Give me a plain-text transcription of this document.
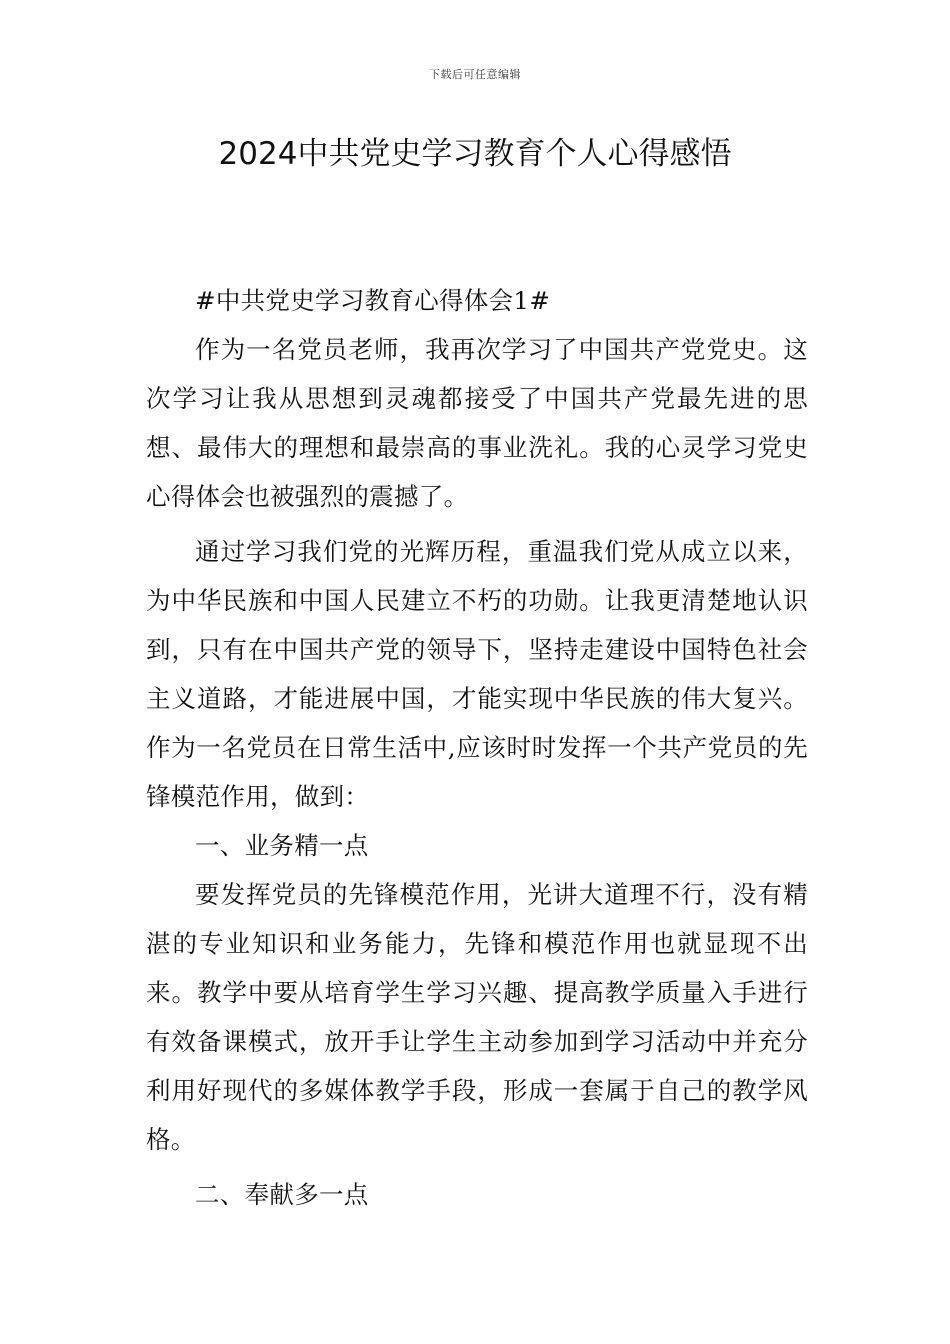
下载后可任意编辑
2024中共党史学习教育个人心得感悟

#中共党史学习教育心得体会1#

作为一名党员老师，我再次学习了中国共产党党史。这次学习让我从思想到灵魂都接受了中国共产党最先进的思想、最伟大的理想和最崇高的事业洗礼。我的心灵学习党史心得体会也被强烈的震撼了。

通过学习我们党的光辉历程，重温我们党从成立以来，为中华民族和中国人民建立不朽的功勋。让我更清楚地认识到，只有在中国共产党的领导下，坚持走建设中国特色社会主义道路，才能进展中国，才能实现中华民族的伟大复兴。作为一名党员在日常生活中,应该时时发挥一个共产党员的先锋模范作用，做到：

一、业务精一点

要发挥党员的先锋模范作用，光讲大道理不行，没有精湛的专业知识和业务能力，先锋和模范作用也就显现不出来。教学中要从培育学生学习兴趣、提高教学质量入手进行有效备课模式，放开手让学生主动参加到学习活动中并充分利用好现代的多媒体教学手段，形成一套属于自己的教学风格。

二、奉献多一点
